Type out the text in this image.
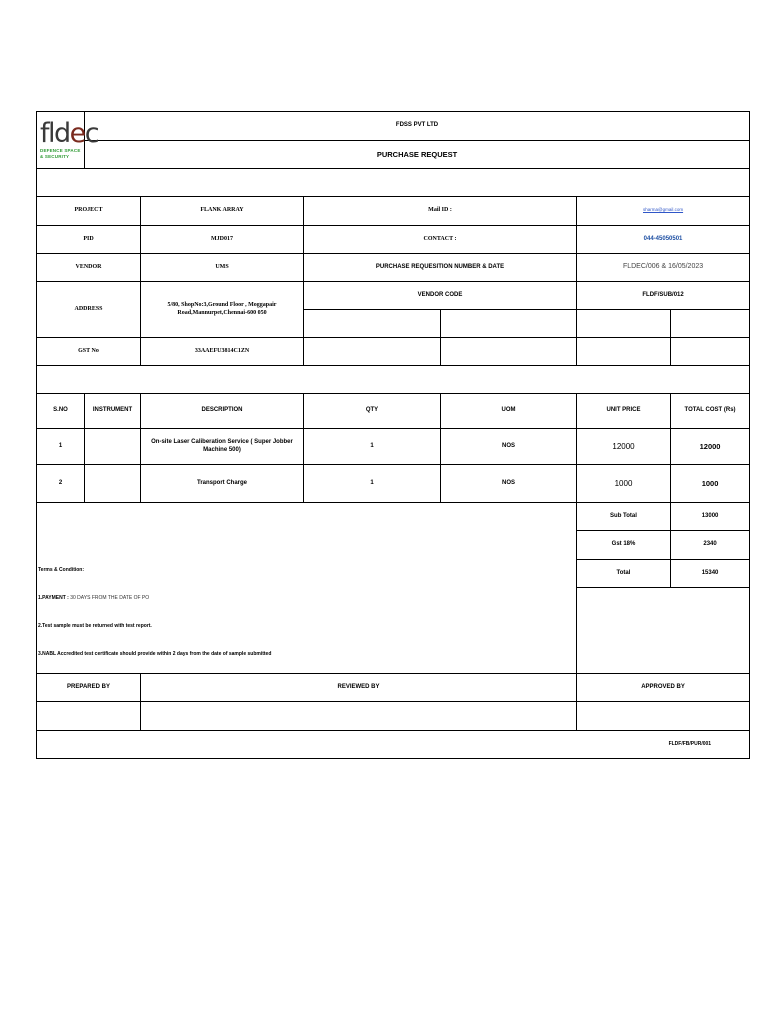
fldec
DEFENCE SPACE & SECURITY	FDSS PVT LTD					
	PURCHASE REQUEST					

PROJECT		FLANK ARRAY	Mail ID :		sharma@gmail.com	
PID		MJD017	CONTACT :		044-45050501	
VENDOR		UMS	PURCHASE REQUESITION NUMBER & DATE		FLDEC/006 & 16/05/2023	
ADDRESS		5/80, ShopNo:3,Ground Floor , Moggapair Road,Mannurpet,Chennai-600 050	VENDOR CODE		FLDF/SUB/012	

GST No		33AAEFU3814C1ZN				

S.NO	INSTRUMENT	DESCRIPTION	QTY	UOM	UNIT PRICE	TOTAL COST (Rs)
1		On-site Laser Caliberation Service ( Super Jobber Machine 500)	1	NOS	12000	12000
2		Transport Charge	1	NOS	1000	1000

Terms & Condition:
1.PAYMENT : 30 DAYS FROM THE DATE OF PO
2.Test sample must be returned with test report.
3.NABL Accredited test certificate should provide within 2 days from the date of sample submitted					Sub Total	13000
					Gst 18%	2340
					Total	15340

PREPARED BY		REVIEWED BY			APPROVED BY	

FLDF/FB/PUR/001						
